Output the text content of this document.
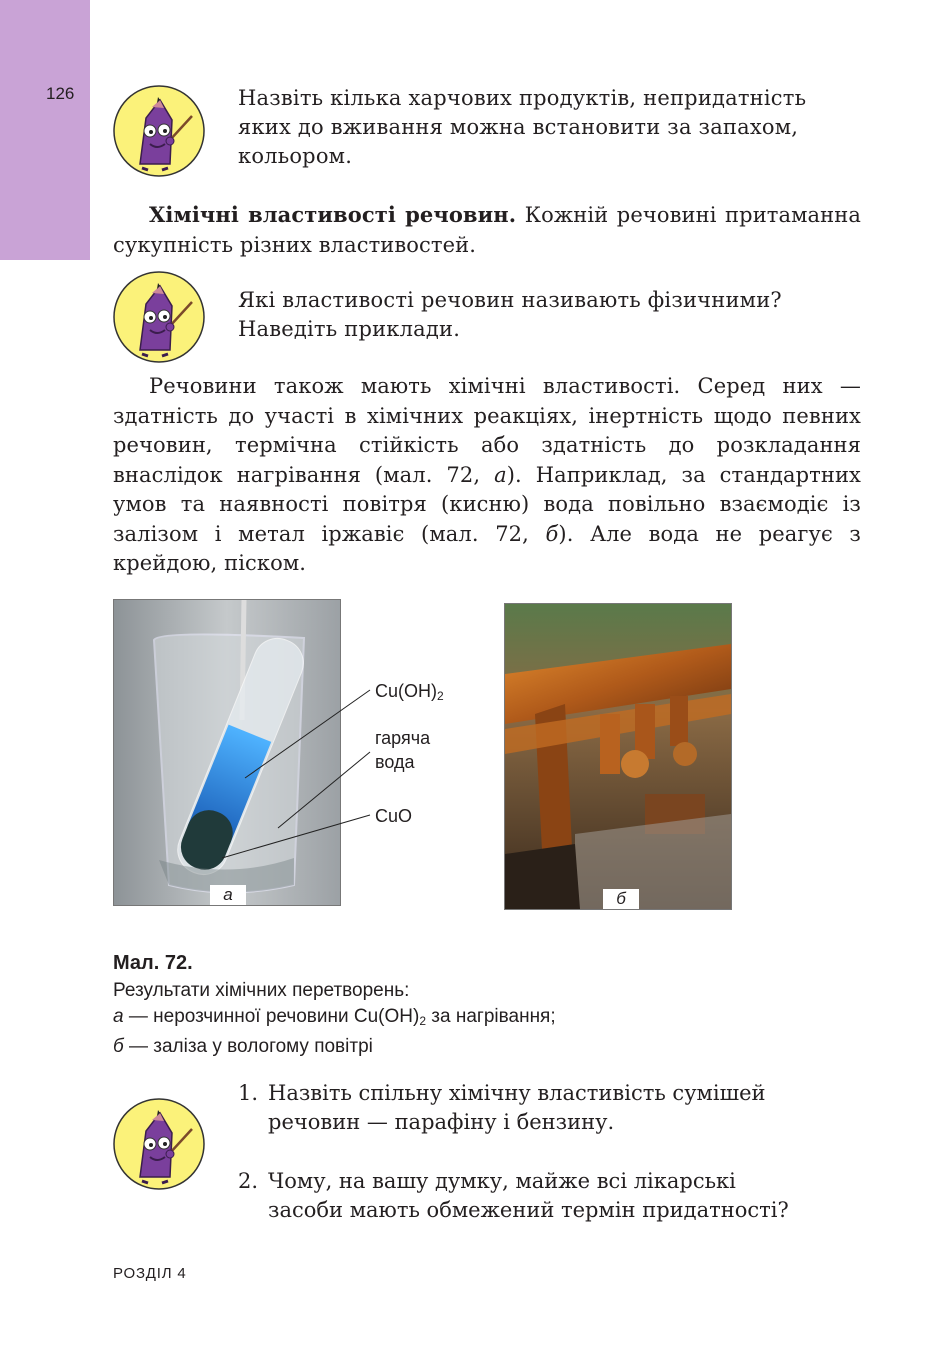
126	Назвіть кілька харчових продуктів, непридатність
яких до вживання можна встановити за запахом,
кольором.
Хімічні властивості речовин. Кожній речовині притаманна сукупність різних властивостей.
Які властивості речовин називають фізичними?
Наведіть приклади.
Речовини також мають хімічні властивості. Серед них — здатність до участі в хімічних реакціях, інертність щодо певних речовин, термічна стійкість або здатність до розкладання внаслідок нагрівання (мал. 72, а). Наприклад, за стандартних умов та наявності повітря (кисню) вода повільно взаємодіє із залізом і метал іржавіє (мал. 72, б). Але вода не реагує з крейдою, піском.
а
$Cu(OH)_2$
гаряча
вода
CuO
б
Мал. 72.
Результати хімічних перетворень:
а — нерозчинної речовини $Cu(OH)_2$ за нагрівання;
б — заліза у вологому повітрі
1. Назвіть спільну хімічну властивість сумішей
речовин — парафіну і бензину.
2. Чому, на вашу думку, майже всі лікарські
засоби мають обмежений термін придатності?
РОЗДІЛ 4
